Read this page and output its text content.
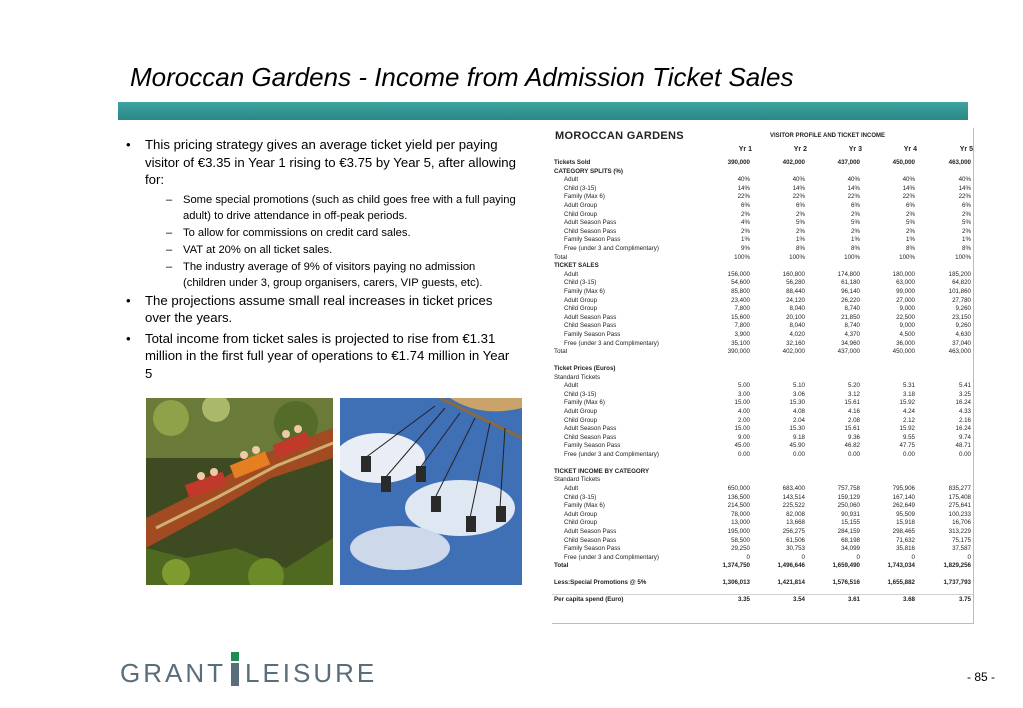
Moroccan Gardens - Income from Admission Ticket Sales
• This pricing strategy gives an average ticket yield per paying visitor of €3.35 in Year 1 rising to €3.75 by Year 5, after allowing for:
– Some special promotions (such as child goes free with a full paying adult) to drive attendance in off-peak periods.
– To allow for commissions on credit card sales.
– VAT at 20% on all ticket sales.
– The industry average of 9% of visitors paying no admission (children under 3, group organisers, carers, VIP guests, etc).
• The projections assume small real increases in ticket prices over the years.
• Total income from ticket sales is projected to rise from €1.31 million in the first full year of operations to €1.74 million in Year 5
MOROCCAN GARDENS	VISITOR PROFILE AND TICKET INCOME
Yr 1	Yr 2	Yr 3	Yr 4	Yr 5
Tickets Sold	390,000	402,000	437,000	450,000	463,000
CATEGORY SPLITS (%)
Adult	40%	40%	40%	40%	40%
Child (3-15)	14%	14%	14%	14%	14%
Family (Max 6)	22%	22%	22%	22%	22%
Adult Group	6%	6%	6%	6%	6%
Child Group	2%	2%	2%	2%	2%
Adult Season Pass	4%	5%	5%	5%	5%
Child Season Pass	2%	2%	2%	2%	2%
Family Season Pass	1%	1%	1%	1%	1%
Free (under 3 and Complimentary)	9%	8%	8%	8%	8%
Total	100%	100%	100%	100%	100%
TICKET SALES
Adult	156,000	160,800	174,800	180,000	185,200
Child (3-15)	54,600	56,280	61,180	63,000	64,820
Family (Max 6)	85,800	88,440	96,140	99,000	101,860
Adult Group	23,400	24,120	26,220	27,000	27,780
Child Group	7,800	8,040	8,740	9,000	9,260
Adult Season Pass	15,600	20,100	21,850	22,500	23,150
Child Season Pass	7,800	8,040	8,740	9,000	9,260
Family Season Pass	3,900	4,020	4,370	4,500	4,630
Free (under 3 and Complimentary)	35,100	32,160	34,960	36,000	37,040
Total	390,000	402,000	437,000	450,000	463,000
Ticket Prices (Euros)
Standard Tickets
Adult	5.00	5.10	5.20	5.31	5.41
Child (3-15)	3.00	3.06	3.12	3.18	3.25
Family (Max 6)	15.00	15.30	15.61	15.92	16.24
Adult Group	4.00	4.08	4.16	4.24	4.33
Child Group	2.00	2.04	2.08	2.12	2.16
Adult Season Pass	15.00	15.30	15.61	15.92	16.24
Child Season Pass	9.00	9.18	9.36	9.55	9.74
Family Season Pass	45.00	45.90	46.82	47.75	48.71
Free (under 3 and Complimentary)	0.00	0.00	0.00	0.00	0.00
TICKET INCOME BY CATEGORY
Standard Tickets
Adult	650,000	683,400	757,758	795,906	835,277
Child (3-15)	136,500	143,514	159,129	167,140	175,408
Family (Max 6)	214,500	225,522	250,060	262,649	275,641
Adult Group	78,000	82,008	90,931	95,509	100,233
Child Group	13,000	13,668	15,155	15,918	16,706
Adult Season Pass	195,000	256,275	284,159	298,465	313,229
Child Season Pass	58,500	61,506	68,198	71,632	75,175
Family Season Pass	29,250	30,753	34,099	35,816	37,587
Free (under 3 and Complimentary)	0	0	0	0	0
Total	1,374,750	1,496,646	1,659,490	1,743,034	1,829,256
Less:Special Promotions @ 5%	1,306,013	1,421,814	1,576,516	1,655,882	1,737,793
Per capita spend (Euro)	3.35	3.54	3.61	3.68	3.75
GRANT LEISURE	- 85 -
